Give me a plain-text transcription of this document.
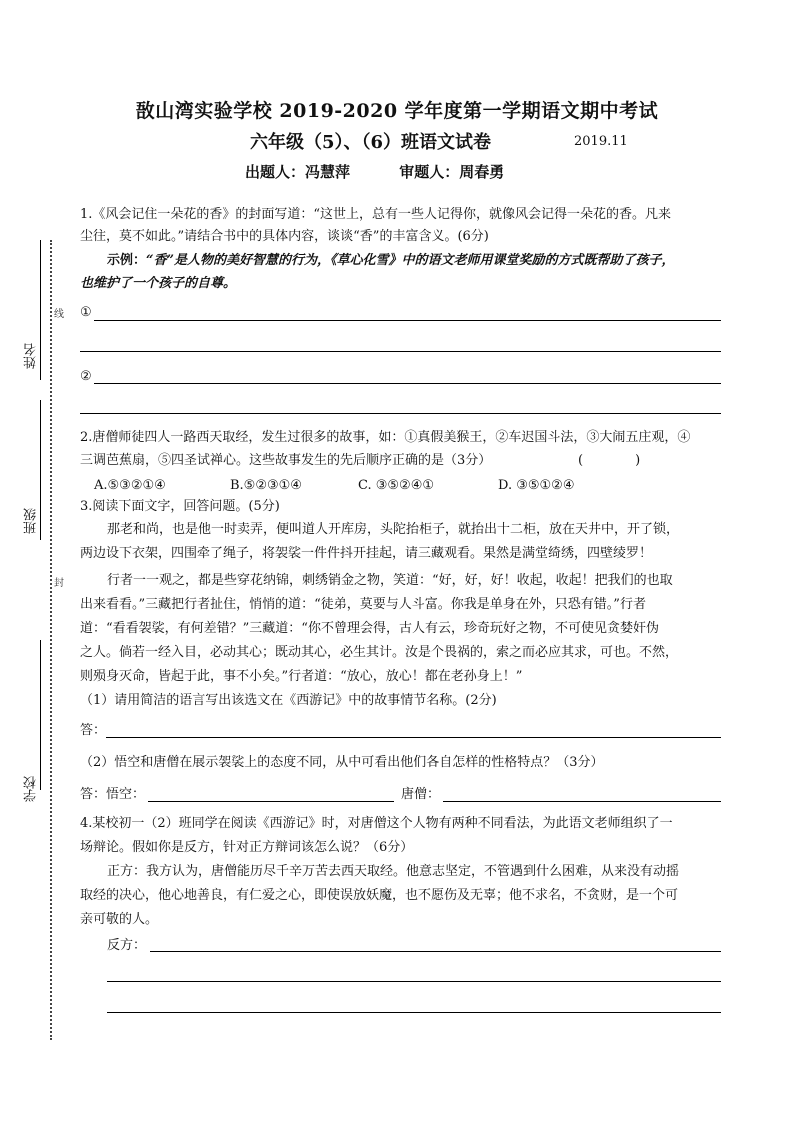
姓名
线
班级
封
学校
敔山湾实验学校 2019-2020 学年度第一学期语文期中考试
六年级（5）、（6）班语文试卷	2019.11
出题人：冯慧萍	审题人：周春勇
1.《风会记住一朵花的香》的封面写道：“这世上，总有一些人记得你，就像风会记得一朵花的香。凡来
尘往，莫不如此。”请结合书中的具体内容，谈谈“香”的丰富含义。(6分)
示例：“香”是人物的美好智慧的行为，《草心化雪》中的语文老师用课堂奖励的方式既帮助了孩子，
也维护了一个孩子的自尊。
①
②
2.唐僧师徒四人一路西天取经，发生过很多的故事，如：①真假美猴王，②车迟国斗法，③大闹五庄观，④
三调芭蕉扇，⑤四圣试禅心。这些故事发生的先后顺序正确的是（3分）	(　　　　)
A.⑤③②①④	B.⑤②③①④	C. ③⑤②④①	D. ③⑤①②④
3.阅读下面文字，回答问题。(5分)
那老和尚，也是他一时卖弄，便叫道人开库房，头陀抬柜子，就抬出十二柜，放在天井中，开了锁，
两边设下衣架，四围牵了绳子，将袈裟一件件抖开挂起，请三藏观看。果然是满堂绮绣，四壁绫罗！
行者一一观之，都是些穿花纳锦，刺绣销金之物，笑道：“好，好，好！收起，收起！把我们的也取
出来看看。”三藏把行者扯住，悄悄的道：“徒弟，莫要与人斗富。你我是单身在外，只恐有错。”行者
道：“看看袈裟，有何差错？”三藏道：“你不曾理会得，古人有云，珍奇玩好之物，不可使见贪婪奸伪
之人。倘若一经入目，必动其心；既动其心，必生其计。汝是个畏祸的，索之而必应其求，可也。不然，
则殒身灭命，皆起于此，事不小矣。”行者道：“放心，放心！都在老孙身上！”
（1）请用简洁的语言写出该选文在《西游记》中的故事情节名称。(2分)
答：
（2）悟空和唐僧在展示袈裟上的态度不同，从中可看出他们各自怎样的性格特点？（3分）
答：悟空：	唐僧：
4.某校初一（2）班同学在阅读《西游记》时，对唐僧这个人物有两种不同看法，为此语文老师组织了一
场辩论。假如你是反方，针对正方辩词该怎么说？（6分）
正方：我方认为，唐僧能历尽千辛万苦去西天取经。他意志坚定，不管遇到什么困难，从来没有动摇
取经的决心，他心地善良，有仁爱之心，即使误放妖魔，也不愿伤及无辜；他不求名，不贪财，是一个可
亲可敬的人。
反方：
